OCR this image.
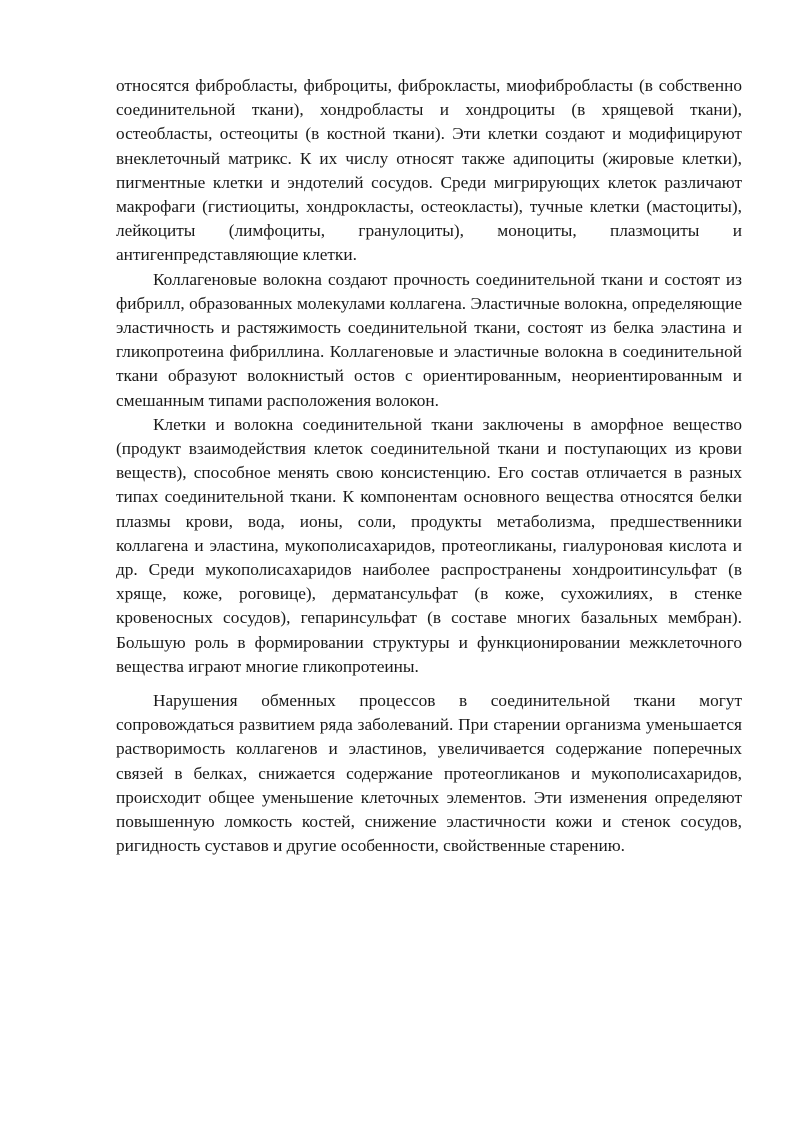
относятся фибробласты, фиброциты, фиброкласты, миофибробласты (в собственно соединительной ткани), хондробласты и хондроциты (в хрящевой ткани), остеобласты, остеоциты (в костной ткани). Эти клетки создают и модифицируют внеклеточный матрикс. К их числу относят также адипоциты (жировые клетки), пигментные клетки и эндотелий сосудов. Среди мигрирующих клеток различают макрофаги (гистиоциты, хондрокласты, остеокласты), тучные клетки (мастоциты), лейкоциты (лимфоциты, гранулоциты), моноциты, плазмоциты и антигенпредставляющие клетки.

Коллагеновые волокна создают прочность соединительной ткани и состоят из фибрилл, образованных молекулами коллагена. Эластичные волокна, определяющие эластичность и растяжимость соединительной ткани, состоят из белка эластина и гликопротеина фибриллина. Коллагеновые и эластичные волокна в соединительной ткани образуют волокнистый остов с ориентированным, неориентированным и смешанным типами расположения волокон.

Клетки и волокна соединительной ткани заключены в аморфное вещество (продукт взаимодействия клеток соединительной ткани и поступающих из крови веществ), способное менять свою консистенцию. Его состав отличается в разных типах соединительной ткани. К компонентам основного вещества относятся белки плазмы крови, вода, ионы, соли, продукты метаболизма, предшественники коллагена и эластина, мукополисахаридов, протеогликаны, гиалуроновая кислота и др. Среди мукополисахаридов наиболее распространены хондроитинсульфат (в хряще, коже, роговице), дерматансульфат (в коже, сухожилиях, в стенке кровеносных сосудов), гепаринсульфат (в составе многих базальных мембран). Большую роль в формировании структуры и функционировании межклеточного вещества играют многие гликопротеины.

Нарушения обменных процессов в соединительной ткани могут сопровождаться развитием ряда заболеваний. При старении организма уменьшается растворимость коллагенов и эластинов, увеличивается содержание поперечных связей в белках, снижается содержание протеогликанов и мукополисахаридов, происходит общее уменьшение клеточных элементов. Эти изменения определяют повышенную ломкость костей, снижение эластичности кожи и стенок сосудов, ригидность суставов и другие особенности, свойственные старению.
